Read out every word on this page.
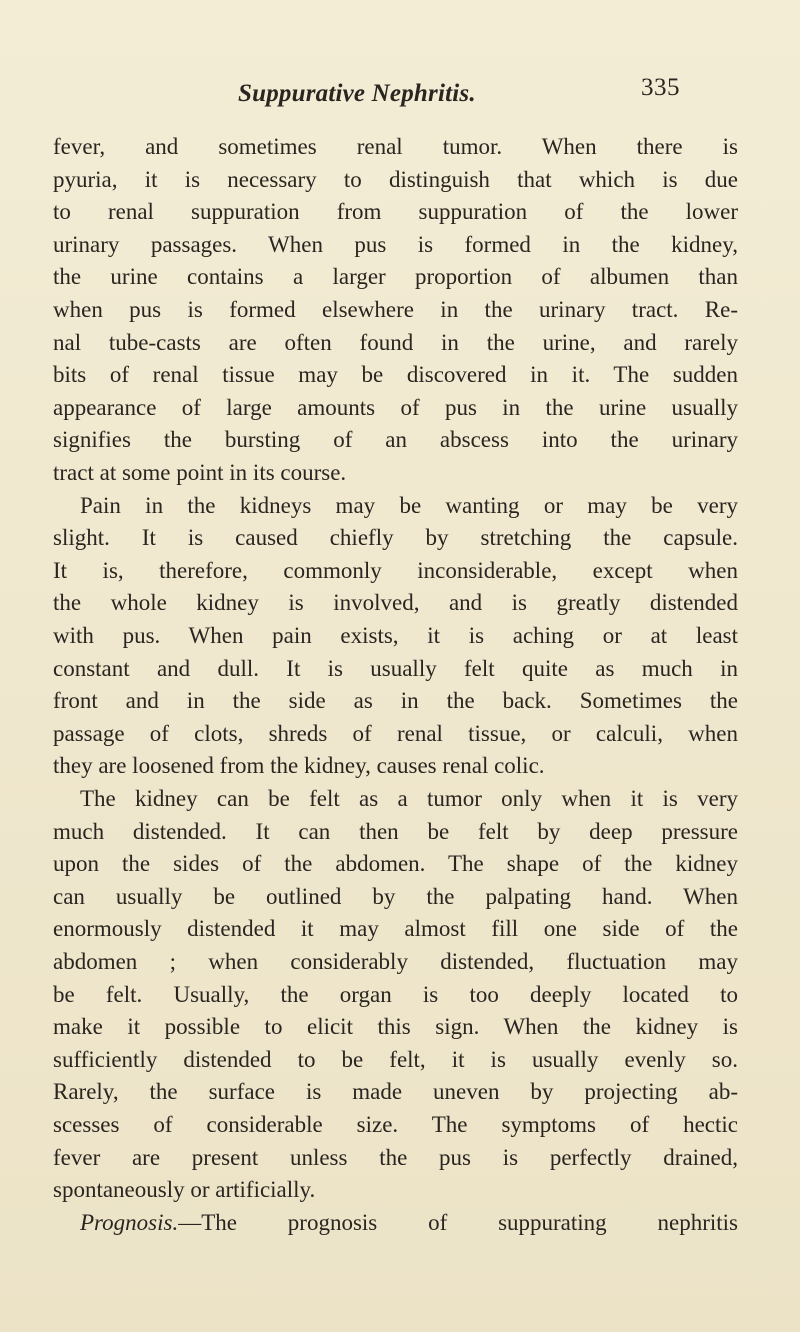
Suppurative Nephritis.	335
fever, and sometimes renal tumor. When there is
pyuria, it is necessary to distinguish that which is due
to renal suppuration from suppuration of the lower
urinary passages. When pus is formed in the kidney,
the urine contains a larger proportion of albumen than
when pus is formed elsewhere in the urinary tract. Re-
nal tube-casts are often found in the urine, and rarely
bits of renal tissue may be discovered in it. The sudden
appearance of large amounts of pus in the urine usually
signifies the bursting of an abscess into the urinary
tract at some point in its course.
Pain in the kidneys may be wanting or may be very
slight. It is caused chiefly by stretching the capsule.
It is, therefore, commonly inconsiderable, except when
the whole kidney is involved, and is greatly distended
with pus. When pain exists, it is aching or at least
constant and dull. It is usually felt quite as much in
front and in the side as in the back. Sometimes the
passage of clots, shreds of renal tissue, or calculi, when
they are loosened from the kidney, causes renal colic.
The kidney can be felt as a tumor only when it is very
much distended. It can then be felt by deep pressure
upon the sides of the abdomen. The shape of the kidney
can usually be outlined by the palpating hand. When
enormously distended it may almost fill one side of the
abdomen ; when considerably distended, fluctuation may
be felt. Usually, the organ is too deeply located to
make it possible to elicit this sign. When the kidney is
sufficiently distended to be felt, it is usually evenly so.
Rarely, the surface is made uneven by projecting ab-
scesses of considerable size. The symptoms of hectic
fever are present unless the pus is perfectly drained,
spontaneously or artificially.
Prognosis.—The prognosis of suppurating nephritis
